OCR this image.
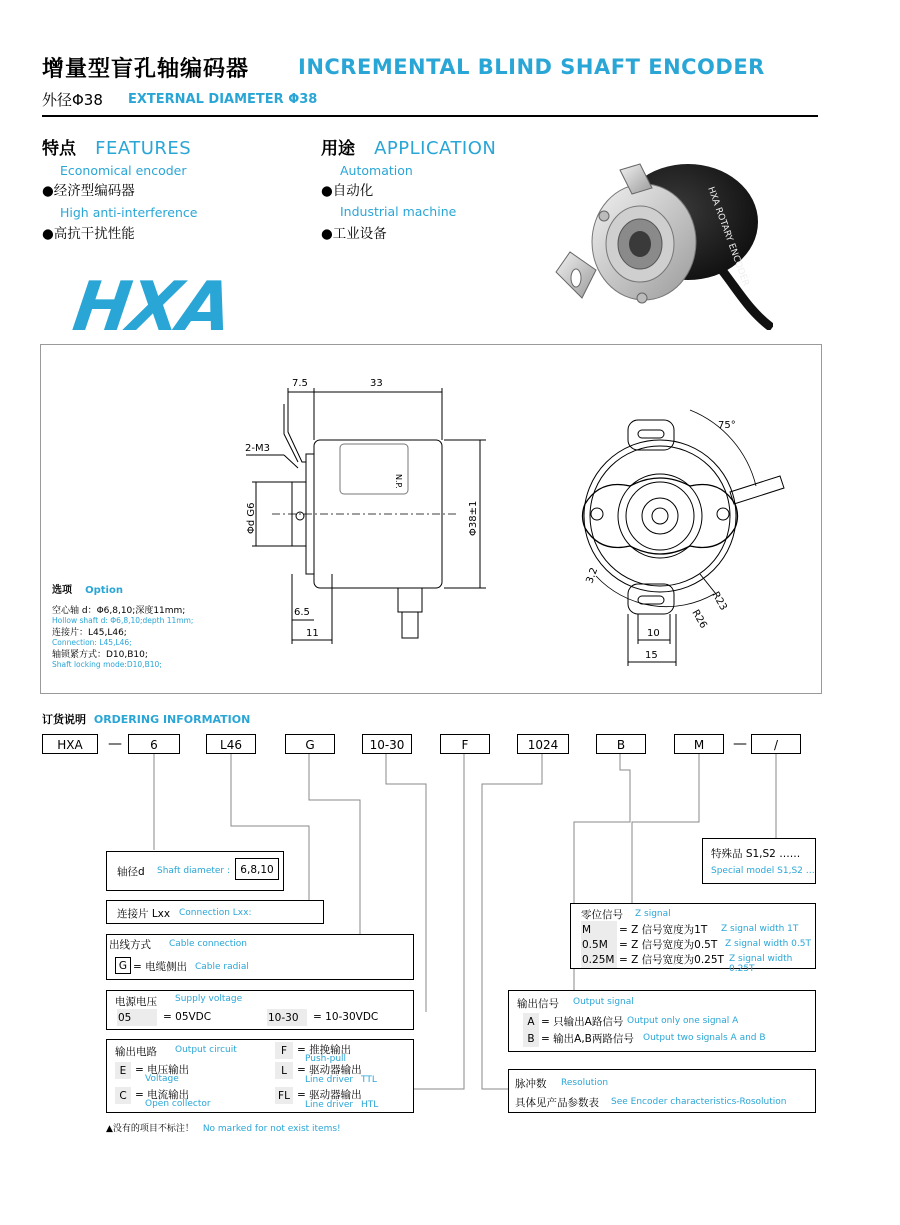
增量型盲孔轴编码器 INCREMENTAL BLIND SHAFT ENCODER
外径Φ38 EXTERNAL DIAMETER Φ38
特点 FEATURES
Economical encoder
●经济型编码器
High anti-interference
●高抗干扰性能
用途 APPLICATION
Automation
●自动化
Industrial machine
●工业设备
HXA
HXA ROTARY ENCODER
7.5	33
2-M3
Φd G6
N.P.
Φ38±1
6.5
11
75°
3.2
R23
R26
10
15
选项 Option
空心轴 d：Φ6,8,10;深度11mm;
Hollow shaft d: Φ6,8,10;depth 11mm;
连接片：L45,L46;
Connection: L45,L46;
轴锁紧方式：D10,B10;
Shaft locking mode:D10,B10;
订货说明 ORDERING INFORMATION
HXA	—	6	L46	G	10-30	F	1024	B	M	—	/
轴径d Shaft diameter : 6,8,10
连接片 Lxx Connection Lxx:
出线方式 Cable connection
G = 电缆侧出 Cable radial
电源电压 Supply voltage
05	= 05VDC	10-30	= 10-30VDC
输出电路 Output circuit
E = 电压输出
Voltage
C = 电流输出
Open collector
F = 推挽输出
Push-pull
L = 驱动器输出
Line driver TTL
FL = 驱动器输出
Line driver HTL
特殊品 S1,S2 ……
Special model S1,S2 …
零位信号 Z signal
M	= Z 信号宽度为1T Z signal width 1T
0.5M	= Z 信号宽度为0.5T Z signal width 0.5T
0.25M = Z 信号宽度为0.25T Z signal width 0.25T
输出信号 Output signal
A = 只输出A路信号 Output only one signal A
B = 输出A,B两路信号 Output two signals A and B
脉冲数 Resolution
具体见产品参数表 See Encoder characteristics-Rosolution
▲没有的项目不标注！ No marked for not exist items!
